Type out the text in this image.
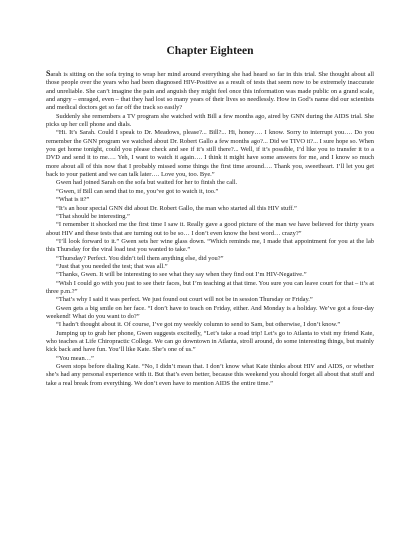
Chapter Eighteen

Sarah is sitting on the sofa trying to wrap her mind around everything she had heard so far in this trial. She thought about all those people over the years who had been diagnosed HIV-Positive as a result of tests that seem now to be extremely inaccurate and unreliable. She can’t imagine the pain and anguish they might feel once this information was made public on a grand scale, and angry – enraged, even – that they had lost so many years of their lives so needlessly. How in God’s name did our scientists and medical doctors get so far off the track so easily?

Suddenly she remembers a TV program she watched with Bill a few months ago, aired by GNN during the AIDS trial. She picks up her cell phone and dials.

“Hi. It’s Sarah. Could I speak to Dr. Meadows, please?... Bill?... Hi, honey…. I know. Sorry to interrupt you…. Do you remember the GNN program we watched about Dr. Robert Gallo a few months ago?... Did we TIVO it?... I sure hope so. When you get home tonight, could you please check and see if it’s still there?... Well, if it’s possible, I’d like you to transfer it to a DVD and send it to me…. Yeh, I want to watch it again…. I think it might have some answers for me, and I know so much more about all of this now that I probably missed some things the first time around…. Thank you, sweetheart. I’ll let you get back to your patient and we can talk later…. Love you, too. Bye.”

Gwen had joined Sarah on the sofa but waited for her to finish the call.

“Gwen, if Bill can send that to me, you’ve got to watch it, too.”

“What is it?”

“It’s an hour special GNN did about Dr. Robert Gallo, the man who started all this HIV stuff.”

“That should be interesting.”

“I remember it shocked me the first time I saw it. Really gave a good picture of the man we have believed for thirty years about HIV and these tests that are turning out to be so… I don’t even know the best word… crazy?”

“I’ll look forward to it.” Gwen sets her wine glass down. “Which reminds me, I made that appointment for you at the lab this Thursday for the viral load test you wanted to take.”

“Thursday? Perfect. You didn’t tell them anything else, did you?”

“Just that you needed the test; that was all.”

“Thanks, Gwen. It will be interesting to see what they say when they find out I’m HIV-Negative.”

“Wish I could go with you just to see their faces, but I’m teaching at that time. You sure you can leave court for that – it’s at three p.m.?”

“That’s why I said it was perfect. We just found out court will not be in session Thursday or Friday.”

Gwen gets a big smile on her face. “I don’t have to teach on Friday, either. And Monday is a holiday. We’ve got a four-day weekend! What do you want to do?”

“I hadn’t thought about it. Of course, I’ve got my weekly column to send to Sam, but otherwise, I don’t know.”

Jumping up to grab her phone, Gwen suggests excitedly, “Let’s take a road trip! Let’s go to Atlanta to visit my friend Kate, who teaches at Life Chiropractic College. We can go downtown in Atlanta, stroll around, do some interesting things, but mainly kick back and have fun. You’ll like Kate. She’s one of us.”

“You mean…”

Gwen stops before dialing Kate. “No, I didn’t mean that. I don’t know what Kate thinks about HIV and AIDS, or whether she’s had any personal experience with it. But that’s even better, because this weekend you should forget all about that stuff and take a real break from everything. We don’t even have to mention AIDS the entire time.”
